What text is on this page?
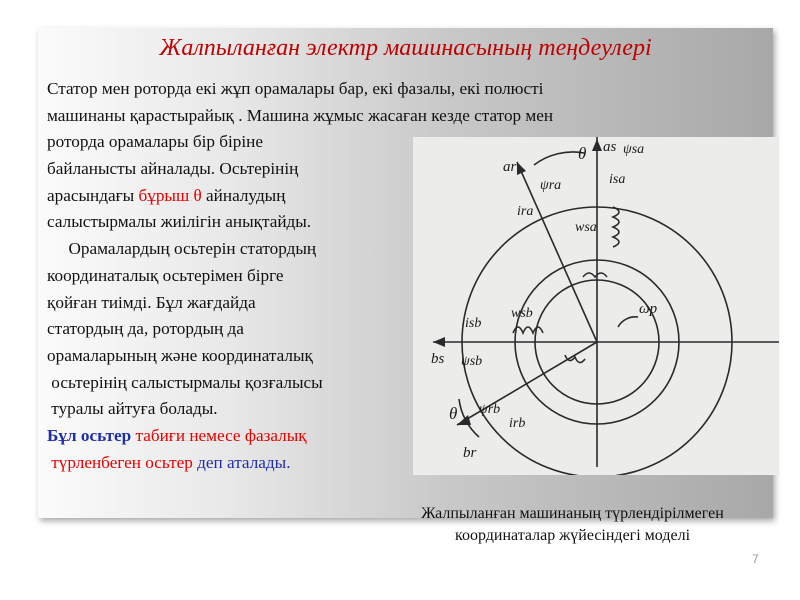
Жалпыланған электр машинасының теңдеулері
Статор мен роторда екі жұп орамалары бар, екі фазалы, екі полюсті
машинаны қарастырайық . Машина жұмыс жасаған кезде статор мен
роторда орамалары бір біріне
байланысты айналады. Осьтерінің
арасындағы бұрыш θ айналудың
салыстырмалы жиілігін анықтайды.
Орамалардың осьтерін статордың
координаталық осьтерімен бірге
қойған тиімді. Бұл жағдайда
статордың да, ротордың да
орамаларының және координаталық
осьтерінің салыстырмалы қозғалысы
туралы айтуға болады.
Бұл осьтер табиғи немесе фазалық
түрленбеген осьтер деп аталады.
θ
θ
ωp
as
ar
bs
br
ψsa
ψra
ψsb
ψrb
isa
ira
isb
irb
wsa
wsb
Жалпыланған машинаның түрлендірілмеген
координаталар жүйесіндегі моделі
7
